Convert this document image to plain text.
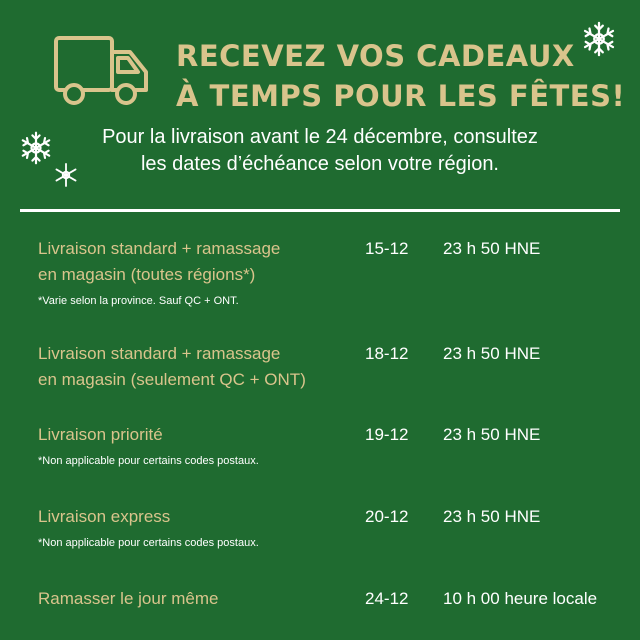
RECEVEZ VOS CADEAUX
À TEMPS POUR LES FÊTES!
Pour la livraison avant le 24 décembre, consultez
les dates d’échéance selon votre région.
Livraison standard + ramassage
en magasin (toutes régions*)
*Varie selon la province. Sauf QC + ONT.
15-12 23 h 50 HNE
Livraison standard + ramassage
en magasin (seulement QC + ONT)
18-12 23 h 50 HNE
Livraison priorité
*Non applicable pour certains codes postaux.
19-12 23 h 50 HNE
Livraison express
*Non applicable pour certains codes postaux.
20-12 23 h 50 HNE
Ramasser le jour même	24-12 10 h 00 heure locale
